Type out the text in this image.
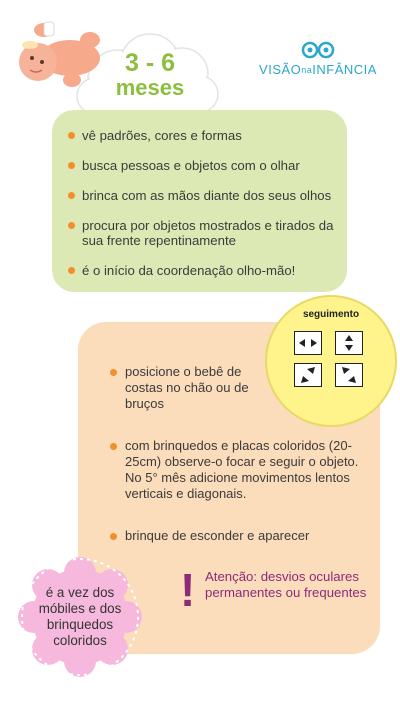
3 - 6
meses
VISÃOnaINFÂNCIA
vê padrões, cores e formas
busca pessoas e objetos com o olhar
brinca com as mãos diante dos seus olhos
procura por objetos mostrados e tirados da sua frente repentinamente
é o início da coordenação olho-mão!
posicione o bebê de costas no chão ou de bruços
com brinquedos e placas coloridos (20-25cm) observe-o focar e seguir o objeto. No 5° mês adicione movimentos lentos verticais e diagonais.
brinque de esconder e aparecer
! Atenção: desvios oculares permanentes ou frequentes
seguimento
é a vez dos móbiles e dos brinquedos coloridos
